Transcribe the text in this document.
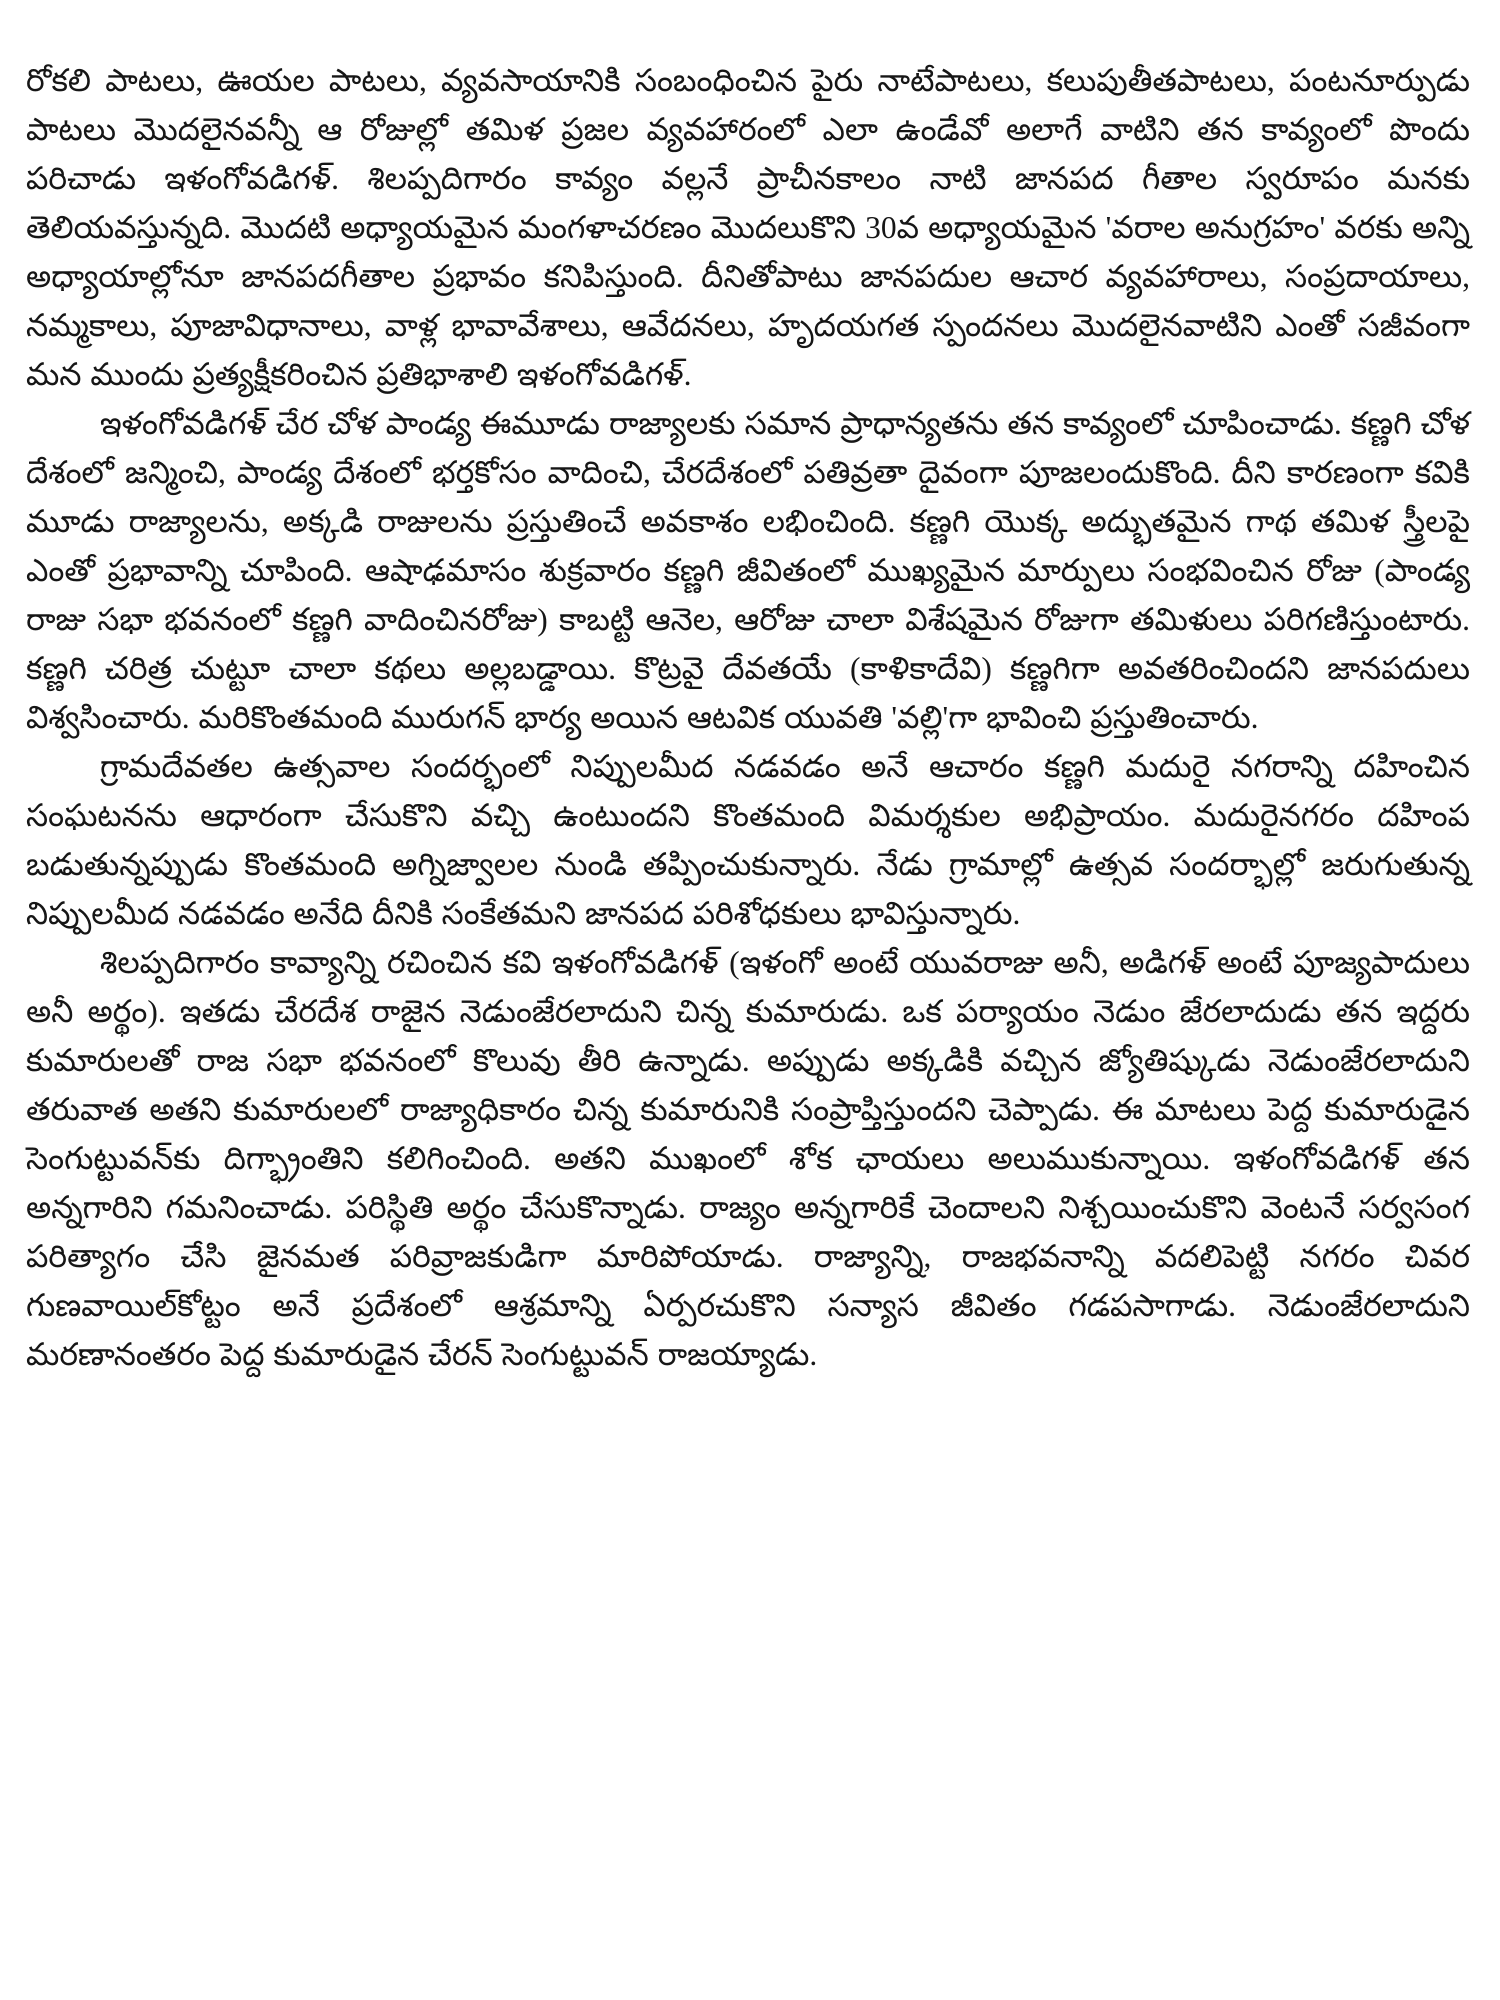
రోకలి పాటలు, ఊయల పాటలు, వ్యవసాయానికి సంబంధించిన పైరు నాటేపాటలు, కలుపుతీతపాటలు, పంటనూర్పుడు పాటలు మొదలైనవన్నీ ఆ రోజుల్లో తమిళ ప్రజల వ్యవహారంలో ఎలా ఉండేవో అలాగే వాటిని తన కావ్యంలో పొందు పరిచాడు ఇళంగోవడిగళ్. శిలప్పదిగారం కావ్యం వల్లనే ప్రాచీనకాలం నాటి జానపద గీతాల స్వరూపం మనకు తెలియవస్తున్నది. మొదటి అధ్యాయమైన మంగళాచరణం మొదలుకొని 30వ అధ్యాయమైన 'వరాల అనుగ్రహం' వరకు అన్ని అధ్యాయాల్లోనూ జానపదగీతాల ప్రభావం కనిపిస్తుంది. దీనితోపాటు జానపదుల ఆచార వ్యవహారాలు, సంప్రదాయాలు, నమ్మకాలు, పూజావిధానాలు, వాళ్ల భావావేశాలు, ఆవేదనలు, హృదయగత స్పందనలు మొదలైనవాటిని ఎంతో సజీవంగా మన ముందు ప్రత్యక్షీకరించిన ప్రతిభాశాలి ఇళంగోవడిగళ్.

ఇళంగోవడిగళ్ చేర చోళ పాండ్య ఈమూడు రాజ్యాలకు సమాన ప్రాధాన్యతను తన కావ్యంలో చూపించాడు. కణ్ణగి చోళ దేశంలో జన్మించి, పాండ్య దేశంలో భర్తకోసం వాదించి, చేరదేశంలో పతివ్రతా దైవంగా పూజలందుకొంది. దీని కారణంగా కవికి మూడు రాజ్యాలను, అక్కడి రాజులను ప్రస్తుతించే అవకాశం లభించింది. కణ్ణగి యొక్క అద్భుతమైన గాథ తమిళ స్త్రీలపై ఎంతో ప్రభావాన్ని చూపింది. ఆషాఢమాసం శుక్రవారం కణ్ణగి జీవితంలో ముఖ్యమైన మార్పులు సంభవించిన రోజు (పాండ్య రాజు సభా భవనంలో కణ్ణగి వాదించినరోజు) కాబట్టి ఆనెల, ఆరోజు చాలా విశేషమైన రోజుగా తమిళులు పరిగణిస్తుంటారు. కణ్ణగి చరిత్ర చుట్టూ చాలా కథలు అల్లబడ్డాయి. కొట్రవై దేవతయే (కాళికాదేవి) కణ్ణగిగా అవతరించిందని జానపదులు విశ్వసించారు. మరికొంతమంది మురుగన్ భార్య అయిన ఆటవిక యువతి 'వల్లి'గా భావించి ప్రస్తుతించారు.

గ్రామదేవతల ఉత్సవాల సందర్భంలో నిప్పులమీద నడవడం అనే ఆచారం కణ్ణగి మదురై నగరాన్ని దహించిన సంఘటనను ఆధారంగా చేసుకొని వచ్చి ఉంటుందని కొంతమంది విమర్శకుల అభిప్రాయం. మదురైనగరం దహింప బడుతున్నప్పుడు కొంతమంది అగ్నిజ్వాలల నుండి తప్పించుకున్నారు. నేడు గ్రామాల్లో ఉత్సవ సందర్భాల్లో జరుగుతున్న నిప్పులమీద నడవడం అనేది దీనికి సంకేతమని జానపద పరిశోధకులు భావిస్తున్నారు.

శిలప్పదిగారం కావ్యాన్ని రచించిన కవి ఇళంగోవడిగళ్ (ఇళంగో అంటే యువరాజు అనీ, అడిగళ్ అంటే పూజ్యపాదులు అనీ అర్థం). ఇతడు చేరదేశ రాజైన నెడుంజేరలాదుని చిన్న కుమారుడు. ఒక పర్యాయం నెడుం జేరలాదుడు తన ఇద్దరు కుమారులతో రాజ సభా భవనంలో కొలువు తీరి ఉన్నాడు. అప్పుడు అక్కడికి వచ్చిన జ్యోతిష్కుడు నెడుంజేరలాదుని తరువాత అతని కుమారులలో రాజ్యాధికారం చిన్న కుమారునికి సంప్రాప్తిస్తుందని చెప్పాడు. ఈ మాటలు పెద్ద కుమారుడైన సెంగుట్టువన్‌కు దిగ్భ్రాంతిని కలిగించింది. అతని ముఖంలో శోక ఛాయలు అలుముకున్నాయి. ఇళంగోవడిగళ్ తన అన్నగారిని గమనించాడు. పరిస్థితి అర్థం చేసుకొన్నాడు. రాజ్యం అన్నగారికే చెందాలని నిశ్చయించుకొని వెంటనే సర్వసంగ పరిత్యాగం చేసి జైనమత పరివ్రాజకుడిగా మారిపోయాడు. రాజ్యాన్ని, రాజభవనాన్ని వదలిపెట్టి నగరం చివర గుణవాయిల్‌కోట్టం అనే ప్రదేశంలో ఆశ్రమాన్ని ఏర్పరచుకొని సన్యాస జీవితం గడపసాగాడు. నెడుంజేరలాదుని మరణానంతరం పెద్ద కుమారుడైన చేరన్ సెంగుట్టువన్ రాజయ్యాడు.
